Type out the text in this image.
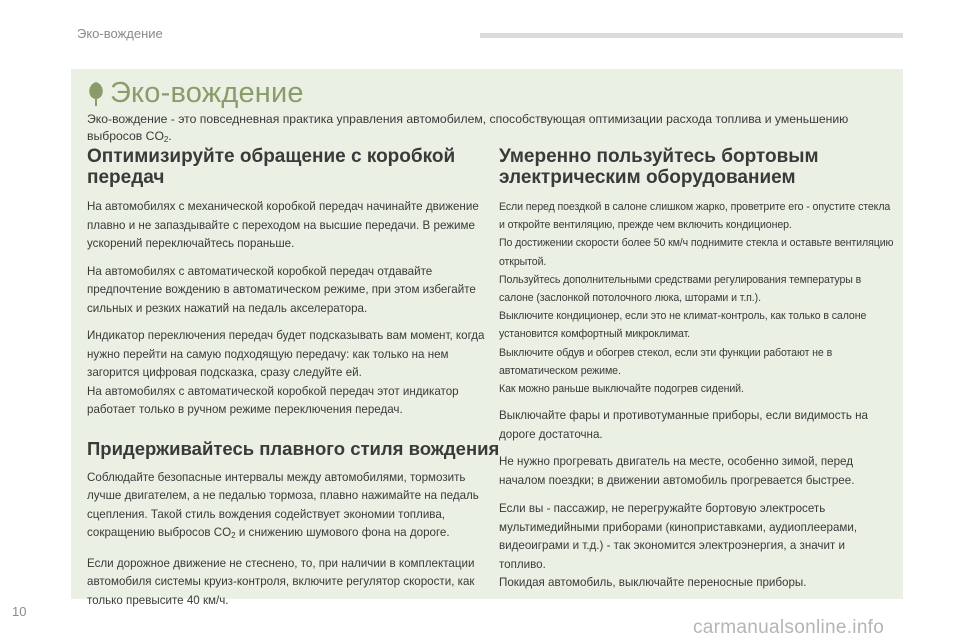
Эко-вождение
Эко-вождение
Эко-вождение - это повседневная практика управления автомобилем, способствующая оптимизации расхода топлива и уменьшению выбросов $CO_2$.
Оптимизируйте обращение с коробкой передач
На автомобилях с механической коробкой передач начинайте движение плавно и не запаздывайте с переходом на высшие передачи. В режиме ускорений переключайтесь пораньше.
На автомобилях с автоматической коробкой передач отдавайте предпочтение вождению в автоматическом режиме, при этом избегайте сильных и резких нажатий на педаль акселератора.
Индикатор переключения передач будет подсказывать вам момент, когда нужно перейти на самую подходящую передачу: как только на нем загорится цифровая подсказка, сразу следуйте ей.
На автомобилях с автоматической коробкой передач этот индикатор работает только в ручном режиме переключения передач.
Придерживайтесь плавного стиля вождения
Соблюдайте безопасные интервалы между автомобилями, тормозить лучше двигателем, а не педалью тормоза, плавно нажимайте на педаль сцепления. Такой стиль вождения содействует экономии топлива, сокращению выбросов $CO_2$ и снижению шумового фона на дороге.
Если дорожное движение не стеснено, то, при наличии в комплектации автомобиля системы круиз-контроля, включите регулятор скорости, как только превысите 40 км/ч.
Умеренно пользуйтесь бортовым электрическим оборудованием
Если перед поездкой в салоне слишком жарко, проветрите его - опустите стекла и откройте вентиляцию, прежде чем включить кондиционер.
По достижении скорости более 50 км/ч поднимите стекла и оставьте вентиляцию открытой.
Пользуйтесь дополнительными средствами регулирования температуры в салоне (заслонкой потолочного люка, шторами и т.п.).
Выключите кондиционер, если это не климат-контроль, как только в салоне установится комфортный микроклимат.
Выключите обдув и обогрев стекол, если эти функции работают не в автоматическом режиме.
Как можно раньше выключайте подогрев сидений.
Выключайте фары и противотуманные приборы, если видимость на дороге достаточна.
Не нужно прогревать двигатель на месте, особенно зимой, перед началом поездки; в движении автомобиль прогревается быстрее.
Если вы - пассажир, не перегружайте бортовую электросеть мультимедийными приборами (киноприставками, аудиоплеерами, видеоиграми и т.д.) - так экономится электроэнергия, а значит и топливо.
Покидая автомобиль, выключайте переносные приборы.
10
carmanualsonline.info
